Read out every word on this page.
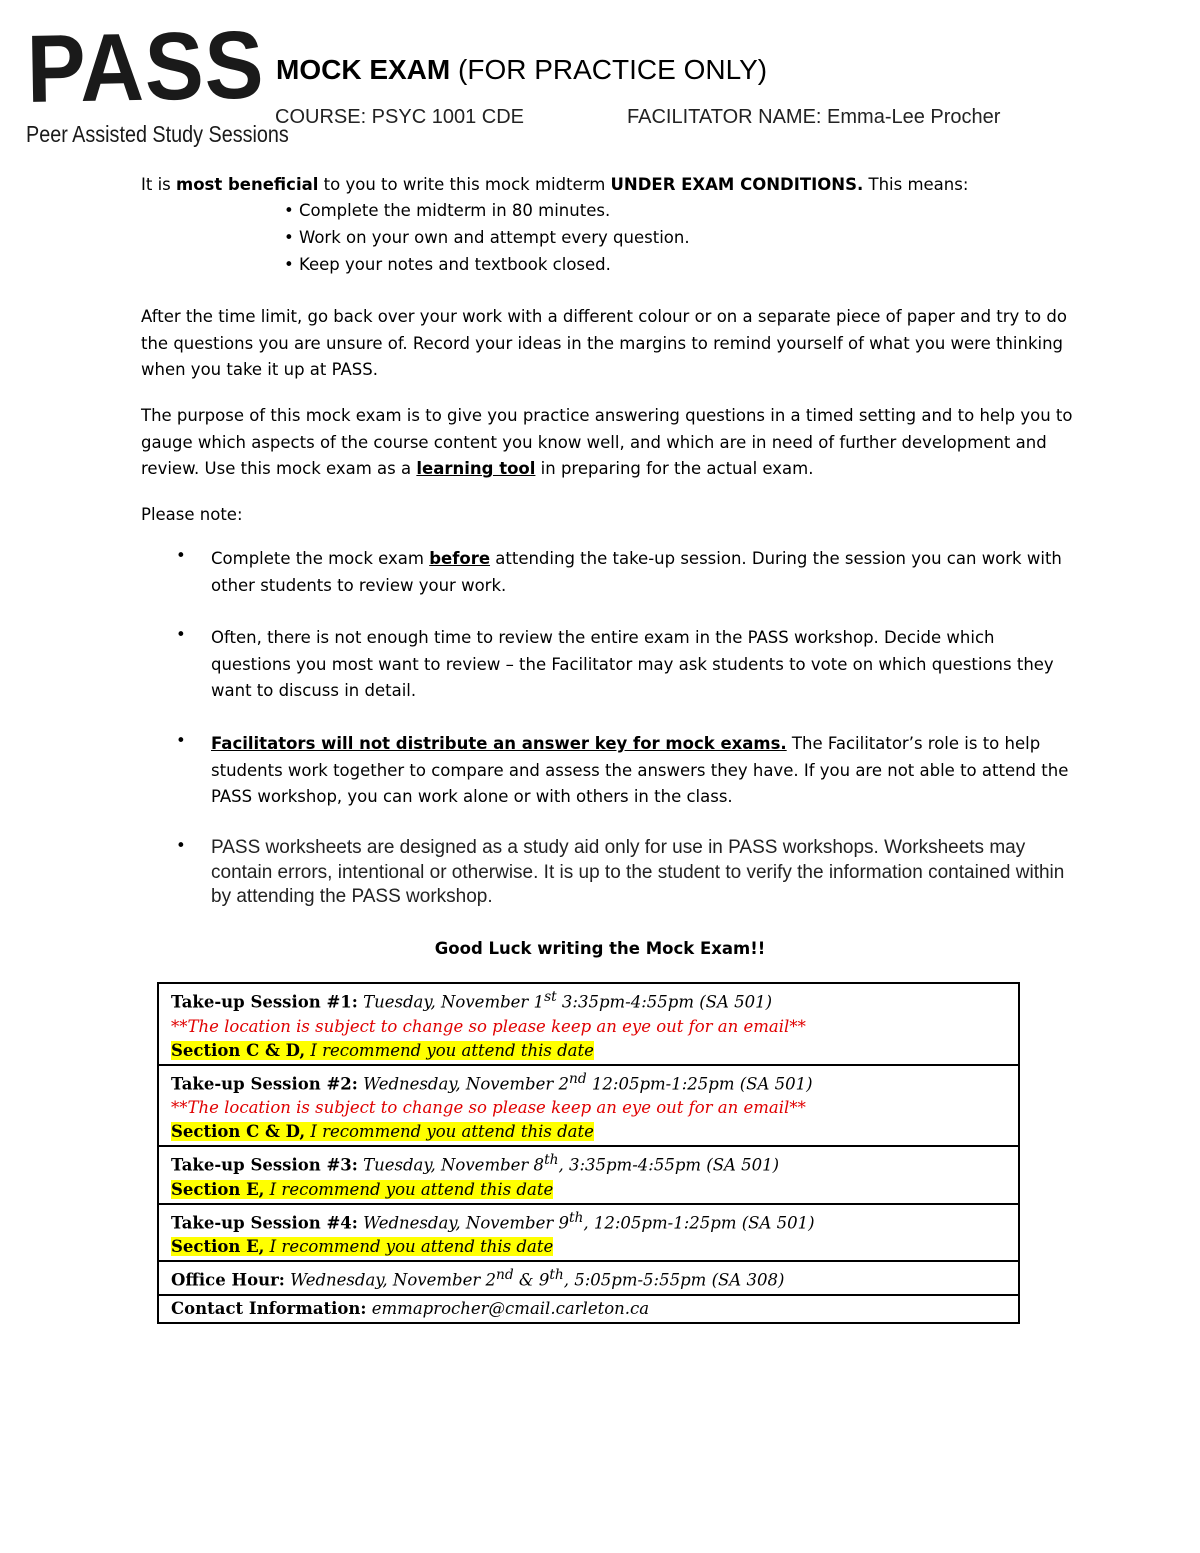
PASS
Peer Assisted Study Sessions
MOCK EXAM (FOR PRACTICE ONLY)
COURSE: PSYC 1001 CDE	FACILITATOR NAME: Emma-Lee Procher
It is most beneficial to you to write this mock midterm UNDER EXAM CONDITIONS. This means:
• Complete the midterm in 80 minutes.
• Work on your own and attempt every question.
• Keep your notes and textbook closed.
After the time limit, go back over your work with a different colour or on a separate piece of paper and try to do the questions you are unsure of. Record your ideas in the margins to remind yourself of what you were thinking when you take it up at PASS.
The purpose of this mock exam is to give you practice answering questions in a timed setting and to help you to gauge which aspects of the course content you know well, and which are in need of further development and review. Use this mock exam as a learning tool in preparing for the actual exam.
Please note:
• Complete the mock exam before attending the take-up session. During the session you can work with other students to review your work.
• Often, there is not enough time to review the entire exam in the PASS workshop. Decide which questions you most want to review – the Facilitator may ask students to vote on which questions they want to discuss in detail.
• Facilitators will not distribute an answer key for mock exams. The Facilitator’s role is to help students work together to compare and assess the answers they have. If you are not able to attend the PASS workshop, you can work alone or with others in the class.
• PASS worksheets are designed as a study aid only for use in PASS workshops. Worksheets may contain errors, intentional or otherwise. It is up to the student to verify the information contained within by attending the PASS workshop.
Good Luck writing the Mock Exam!!
Take-up Session #1: Tuesday, November 1st 3:35pm-4:55pm (SA 501)
**The location is subject to change so please keep an eye out for an email**
Section C & D, I recommend you attend this date

Take-up Session #2: Wednesday, November 2nd 12:05pm-1:25pm (SA 501)
**The location is subject to change so please keep an eye out for an email**
Section C & D, I recommend you attend this date

Take-up Session #3: Tuesday, November 8th, 3:35pm-4:55pm (SA 501)
Section E, I recommend you attend this date

Take-up Session #4: Wednesday, November 9th, 12:05pm-1:25pm (SA 501)
Section E, I recommend you attend this date

Office Hour: Wednesday, November 2nd & 9th, 5:05pm-5:55pm (SA 308)
Contact Information: emmaprocher@cmail.carleton.ca
